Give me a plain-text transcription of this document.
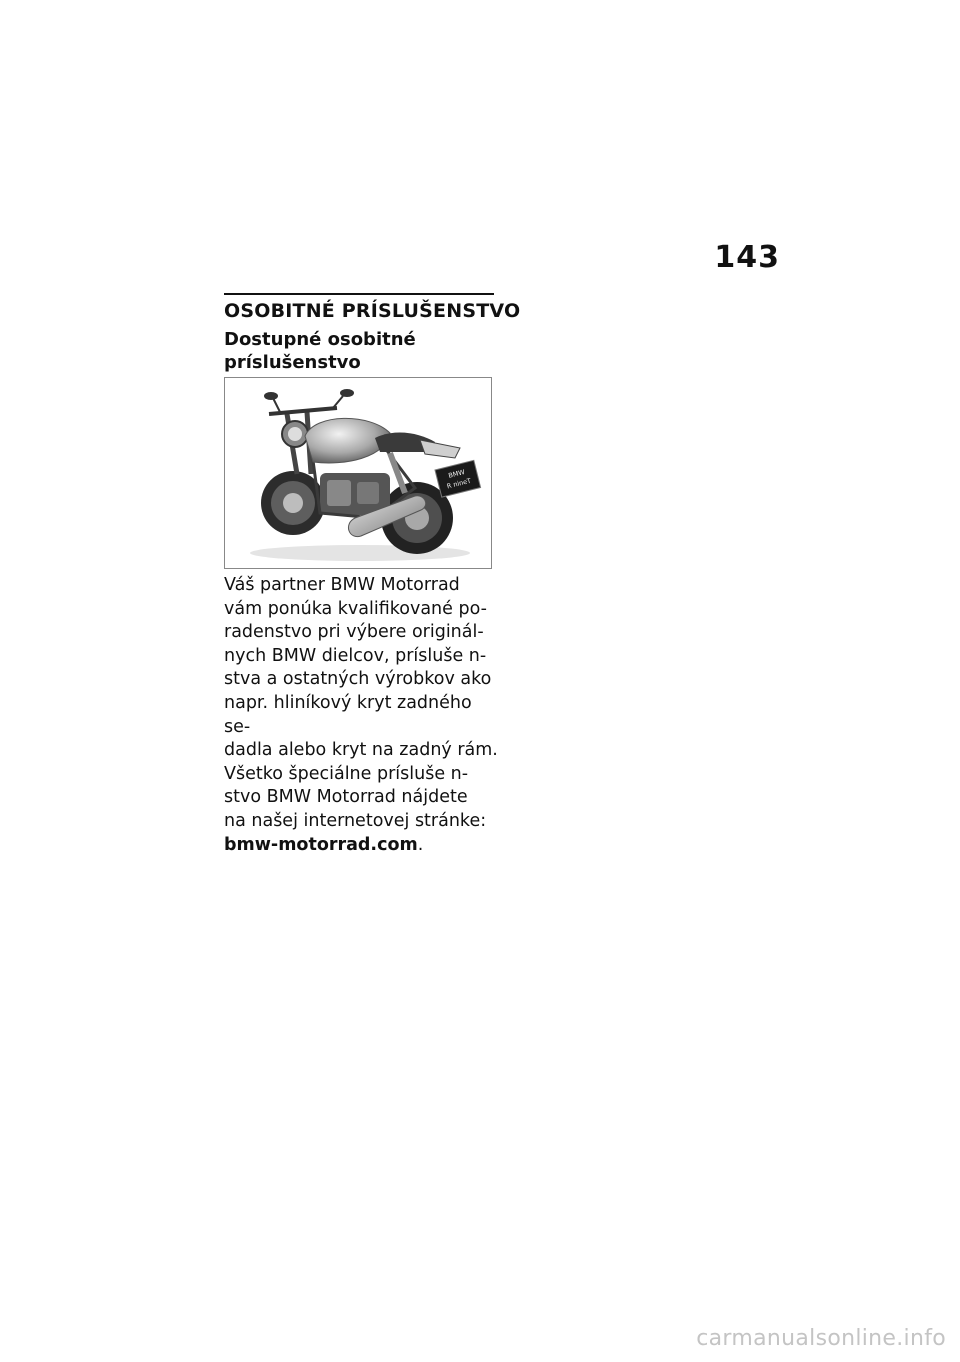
143
OSOBITNÉ PRÍSLUŠENSTVO
Dostupné osobitné
príslušenstvo
BMW
R nineT

Váš partner BMW Motorrad

vám ponúka kvalifikované po-

radenstvo pri výbere originál-

nych BMW dielcov, prísluše n-

stva a ostatných výrobkov ako

napr. hliníkový kryt zadného se-

dadla alebo kryt na zadný rám.

Všetko špeciálne prísluše n-

stvo BMW Motorrad nájdete

na našej internetovej stránke:

bmw-motorrad.com.

carmanualsonline.info
